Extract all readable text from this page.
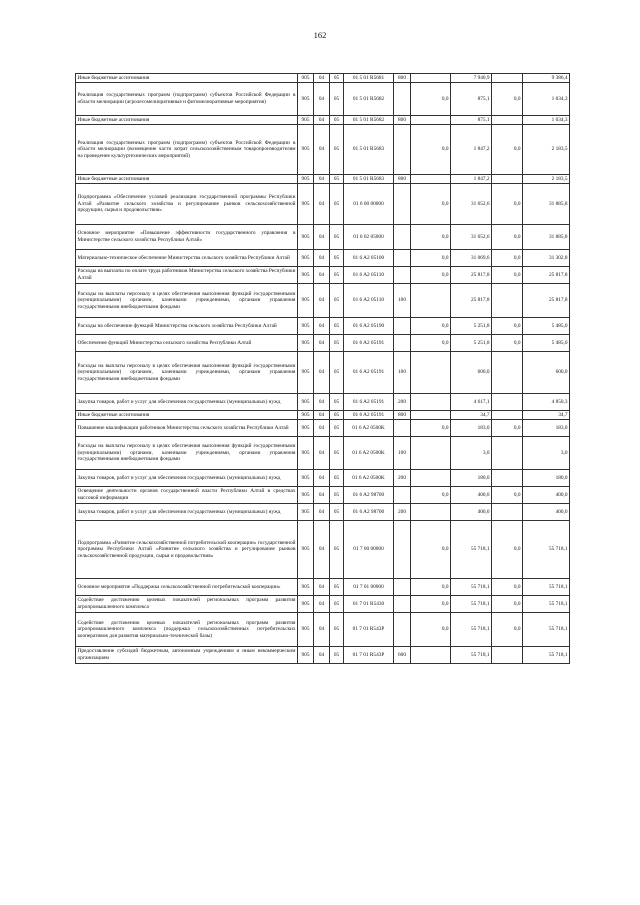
162
Иные бюджетные ассигнования	905	04	05	01 5 01 R5681	800		7 940,9		9 386,4
Реализация государственных программ (подпрограмм) субъектов Российской Федерации в области мелиорации (агролесомелиоративные и фитомелиоративные мероприятия)	905	04	05	01 5 01 R5682		0,0	875,1	0,0	1 034,3
Иные бюджетные ассигнования	905	04	05	01 5 01 R5682	800		875,1		1 034,3
Реализация государственных программ (подпрограмм) субъектов Российской Федерации в области мелиорации (возмещение части затрат сельскохозяйственным товаропроизводителям на проведение культуртехнических мероприятий)	905	04	05	01 5 01 R5683		0,0	1 847,2	0,0	2 183,5
Иные бюджетные ассигнования	905	04	05	01 5 01 R5683	800		1 847,2		2 183,5
Подпрограмма «Обеспечение условий реализации государственной программы Республики Алтай «Развитие сельского хозяйства и регулирование рынков сельскохозяйственной продукции, сырья и продовольствия»	905	04	05	01 6 00 00000		0,0	31 652,6	0,0	31 885,8
Основное мероприятие «Повышение эффективности государственного управления в Министерстве сельского хозяйства Республики Алтай»	905	04	05	01 6 02 05000		0,0	31 652,6	0,0	31 885,8
Материально-техническое обеспечение Министерства сельского хозяйства Республики Алтай	905	04	05	01 6 A2 05100		0,0	31 069,6	0,0	31 302,8
Расходы на выплаты по оплате труда работников Министерства сельского хозяйства Республики Алтай	905	04	05	01 6 A2 05110		0,0	25 817,8	0,0	25 817,8
Расходы на выплаты персоналу в целях обеспечения выполнения функций государственными (муниципальными) органами, казенными учреждениями, органами управления государственными внебюджетными фондами	905	04	05	01 6 A2 05110	100		25 817,8		25 817,8
Расходы на обеспечение функций Министерства сельского хозяйства Республики Алтай	905	04	05	01 6 A2 05190		0,0	5 251,8	0,0	5 485,0
Обеспечение функций Министерства сельского хозяйства Республики Алтай	905	04	05	01 6 A2 05191		0,0	5 251,8	0,0	5 485,0
Расходы на выплаты персоналу в целях обеспечения выполнения функций государственными (муниципальными) органами, казенными учреждениями, органами управления государственными внебюджетными фондами	905	04	05	01 6 A2 05191	100		600,0		600,0
Закупка товаров, работ и услуг для обеспечения государственных (муниципальных) нужд	905	04	05	01 6 A2 05191	200		4 617,1		4 850,3
Иные бюджетные ассигнования	905	04	05	01 6 A2 05191	800		34,7		34,7
Повышение квалификации работников Министерства сельского хозяйства Республики Алтай	905	04	05	01 6 A2 0500K		0,0	183,0	0,0	183,0
Расходы на выплаты персоналу в целях обеспечения выполнения функций государственными (муниципальными) органами, казенными учреждениями, органами управления государственными внебюджетными фондами	905	04	05	01 6 A2 0500K	100		3,0		3,0
Закупка товаров, работ и услуг для обеспечения государственных (муниципальных) нужд	905	04	05	01 6 A2 0500K	200		180,0		180,0
Освещение деятельности органов государственной власти Республики Алтай в средствах массовой информации	905	04	05	01 6 A2 98700		0,0	400,0	0,0	400,0
Закупка товаров, работ и услуг для обеспечения государственных (муниципальных) нужд	905	04	05	01 6 A2 98700	200		400,0		400,0
Подпрограмма «Развитие сельскохозяйственной потребительской кооперации» государственной программы Республики Алтай «Развитие сельского хозяйства и регулирование рынков сельскохозяйственной продукции, сырья и продовольствия»	905	04	05	01 7 00 00000		0,0	55 718,1	0,0	55 718,1
Основное мероприятие «Поддержка сельскохозяйственной потребительской кооперации»	905	04	05	01 7 01 00000		0,0	55 718,1	0,0	55 718,1
Содействие достижению целевых показателей региональных программ развития агропромышленного комплекса	905	04	05	01 7 01 R5430		0,0	55 718,1	0,0	55 718,1
Содействие достижению целевых показателей региональных программ развития агропромышленного комплекса (поддержка сельскохозяйственных потребительских кооперативов для развития материально-технической базы)	905	04	05	01 7 01 R543P		0,0	55 718,1	0,0	55 718,1
Предоставление субсидий бюджетным, автономным учреждениям и иным некоммерческим организациям	905	04	05	01 7 01 R543P	600		55 718,1		55 718,1
